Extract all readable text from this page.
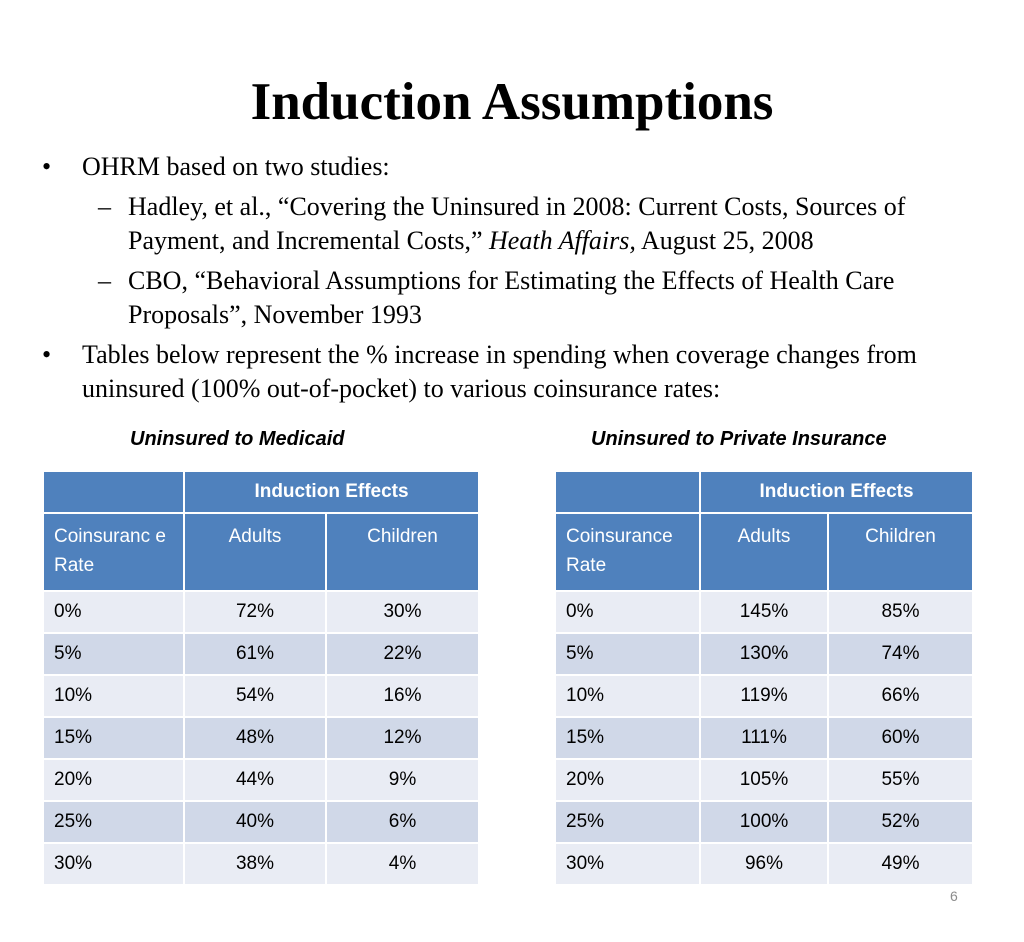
Induction Assumptions
•	OHRM based on two studies:
– Hadley, et al., “Covering the Uninsured in 2008: Current Costs, Sources of Payment, and Incremental Costs,” Heath Affairs, August 25, 2008
– CBO, “Behavioral Assumptions for Estimating the Effects of Health Care Proposals”, November 1993
•	Tables below represent the % increase in spending when coverage changes from uninsured (100% out-of-pocket) to various coinsurance rates:
Uninsured to Medicaid	Uninsured to Private Insurance
	Induction Effects	
Coinsuranc e Rate	Adults	Children
0%	72%	30%
5%	61%	22%
10%	54%	16%
15%	48%	12%
20%	44%	9%
25%	40%	6%
30%	38%	4%
	Induction Effects	
Coinsurance Rate	Adults	Children
0%	145%	85%
5%	130%	74%
10%	119%	66%
15%	111%	60%
20%	105%	55%
25%	100%	52%
30%	96%	49%
6
